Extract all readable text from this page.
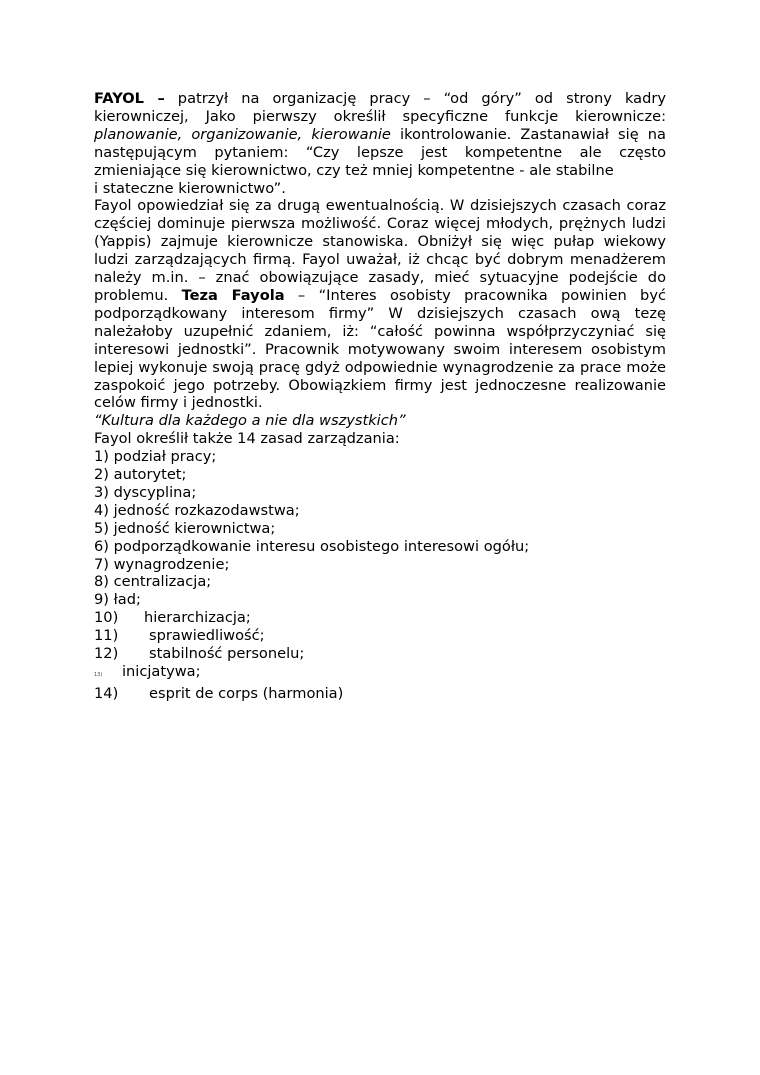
FAYOL – patrzył na organizację pracy – “od góry” od strony kadry kierowniczej, Jako pierwszy określił specyficzne funkcje kierownicze: planowanie, organizowanie, kierowanie ikontrolowanie. Zastanawiał się na następującym pytaniem: “Czy lepsze jest kompetentne ale często zmieniające się kierownictwo, czy też mniej kompetentne - ale stabilne

i stateczne kierownictwo”.

Fayol opowiedział się za drugą ewentualnością. W dzisiejszych czasach coraz częściej dominuje pierwsza możliwość. Coraz więcej młodych, prężnych ludzi (Yappis) zajmuje kierownicze stanowiska. Obniżył się więc pułap wiekowy ludzi zarządzających firmą. Fayol uważał, iż chcąc być dobrym menadżerem należy m.in. – znać obowiązujące zasady, mieć sytuacyjne podejście do problemu. Teza Fayola – “Interes osobisty pracownika powinien być podporządkowany interesom firmy” W dzisiejszych czasach ową tezę należałoby uzupełnić zdaniem, iż: “całość powinna współprzyczyniać się interesowi jednostki”. Pracownik motywowany swoim interesem osobistym lepiej wykonuje swoją pracę gdyż odpowiednie wynagrodzenie za prace może zaspokoić jego potrzeby. Obowiązkiem firmy jest jednoczesne realizowanie celów firmy i jednostki.

“Kultura dla każdego a nie dla wszystkich”
Fayol określił także 14 zasad zarządzania:
1) podział pracy;
2) autorytet;
3) dyscyplina;
4) jedność rozkazodawstwa;
5) jedność kierownictwa;
6) podporządkowanie interesu osobistego interesowi ogółu;
7) wynagrodzenie;
8) centralizacja;
9) ład;
10) hierarchizacja;
11) sprawiedliwość;
12) stabilność personelu;
13) inicjatywa;
14) esprit de corps (harmonia)
